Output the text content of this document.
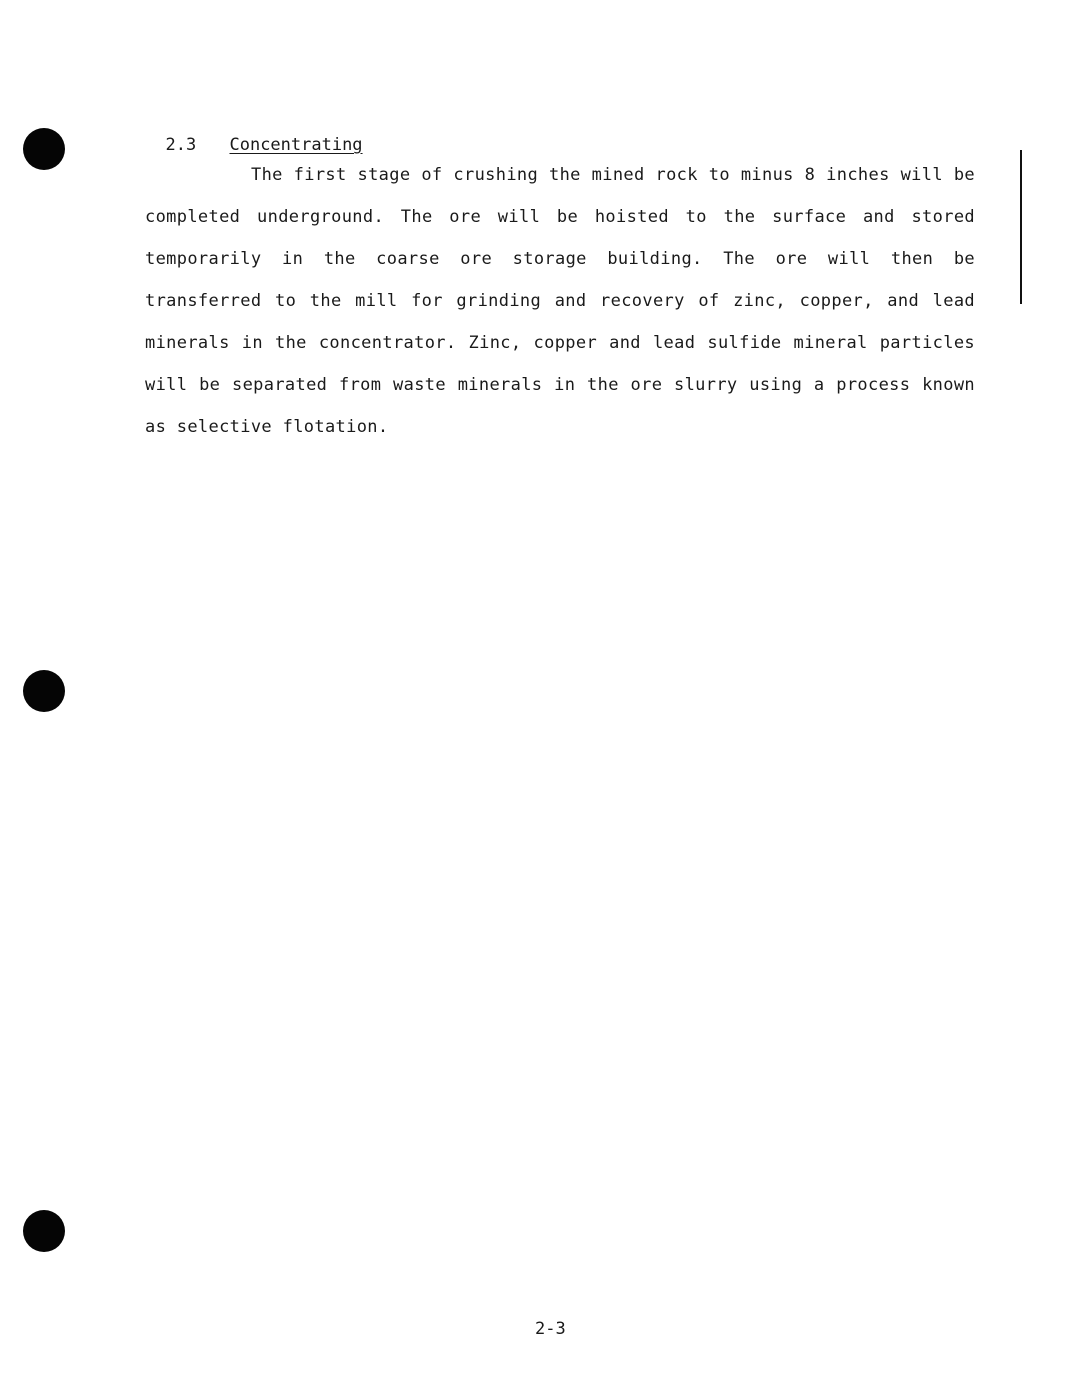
2.3 Concentrating

The first stage of crushing the mined rock to minus 8 inches will be completed underground. The ore will be hoisted to the surface and stored temporarily in the coarse ore storage building. The ore will then be transferred to the mill for grinding and recovery of zinc, copper, and lead minerals in the concentrator. Zinc, copper and lead sulfide mineral particles will be separated from waste minerals in the ore slurry using a process known as selective flotation.

2-3
